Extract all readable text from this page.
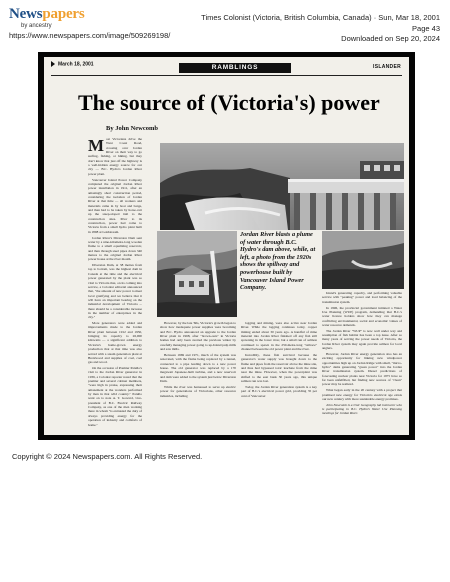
Newspapers
by ancestry
https://www.newspapers.com/image/509269198/
Times Colonist (Victoria, British Columbia, Canada) · Sun, Mar 18, 2001
Page 43
Downloaded on Sep 20, 2024
March 18, 2001	RAMBLINGS	ISLANDER
The source of (Victoria's) power
By John Newcomb
M ost Victorians drive the West Coast Road, crossing over Jordan River on their way to go surfing, fishing, or hiking, but they don't know that just off the highway is a well-hidden energy source for our city — B.C. Hydro's Jordan River power plant.

Vancouver Island Power Company completed the original Jordan River power installation in 1911, after an amazingly short construction period, considering the isolation of Jordan River at that time — all workers and materials came in by boat and barge, and then had to be taken by horse-cart up the steep-sloped trail to the construction sites. Prior to its construction, power had come to Victoria from a small hydro plant built in 1898 at Goldstream.

Jordan River's Diversion Dam sent water by a nine-kilometre-long wooden flume to a small equalizing reservoir, and then through steel pipes down 340 metres to the original Jordan River power house at the river mouth.

Diversion Dam, at 38 metres from top to bottom, was the highest dam in Canada at the time and the electrical power generated by the plant was so vital to Victoria that, on its coming into service, a Colonist editorial announced that, "the amount of new power to meet local gratifying and we believe that it will have an important bearing on the industrial development of Victoria ... there should be a considerable increase in the number of enterprises in the city."

More generators were added and improvements made to the Jordan River plant between 1912 and 1930, bringing its capacity to 26,000 kilowatts — a significant addition to Victoria's home-grown energy production that at that time was also served with a steam generation plant at Brentwood and supplies of coal, coal gas and wood.

On the occasion of Premier Patullo's visit to the Jordan River generator in 1936, a Colonist reporter noted that the premier and several cabinet members, "were high in praise, expressing their amazement at the wonders performed by man in that wild country." Patullo went on to note A. T. Goward, vice-president of B.C. Electric Railway Company, as one of the men working there in whom "is entrusted the duty of always providing energy for the operation of industry and comforts of home."

Jordan River blasts a plume of water through B.C. Hydro's dam above, while, at left, a photo from the 1920s shows the spillway and powerhouse built by Vancouver Island Power Company.

However, by the late '60s, Victoria's growth began to show how inadequate power supplies were becoming and B.C. Hydro announced an upgrade to the Jordan River plant in 1968, after "brown-outs" in Victoria homes had only been averted the previous winter by carefully managing power going to up-Island pulp mills and saw mills.

Between 1969 and 1971, much of the system was renovated, with the flume being replaced by a tunnel, connected to a pipe leading down to a new power house. The old generator was replaced by a 170 megawatt Japanese-built turbine, and a new reservoir and dam were added to the system just below Diversion Dam.

While the river was harnessed to serve up electric power for generations of Victorians, other resource industries, including

logging and mining, were also active near Jordan River. While the logging continues today, copper mining ended about 30 years ago. A handful of mine material into Jordan River finished off any fish still spawning in the lower river, but a small run of salmon continued to spawn in the 250-metre-long "tailrace" channel between the old power plant and the river.

Incredibly, these fish survived because the generator's water supply was brought down to the flume and pipes from the reservoir above the mine site, and thus had bypassed toxic leachate from the mine near the mine. However, when the powerplant was shifted to the east bank 30 years ago, this unique salmon run was lost.

Today, the Jordan River generation system is a key part of B.C.'s electrical power grid, providing 35 per cent of Vancouver

Island's generating capacity, and performing valuable service with "peaking" power and load balancing of the transmission system.

In 1996, the provincial government initiated a Water Use Planning (WUP) program, demanding that B.C.'s water licence holders show how they can manage conflicting environmental, social and economic values of water resource demands.

The Jordan River "WUP" is now well under way and resumption of fish habitat has been a top issue. After so many years of serving the power needs of Victoria, the Jordan River system may again provide salmon for local anglers.

However, Jordan River energy generation also has an exciting opportunity for linking new windpower opportunities high up on Jordan Ridge with small, "micro-hydro" dams generating "green power" into the Jordan River transmission system. Diesel predictions of forecasting nuclear plants near Victoria for 1975 have so far been unfulfilled, but finding new sources of "clean" power may be realized.

What began early in the 20 century with a project that promised new energy for Victoria's electrical age exists our new century with more sustainable energy promises.

John Newcomb is a Unic Geography lab instructor who is participating in B.C. Hydro's Water Use Planning meetings for Jordan River.

Copyright © 2024 Newspapers.com. All Rights Reserved.
